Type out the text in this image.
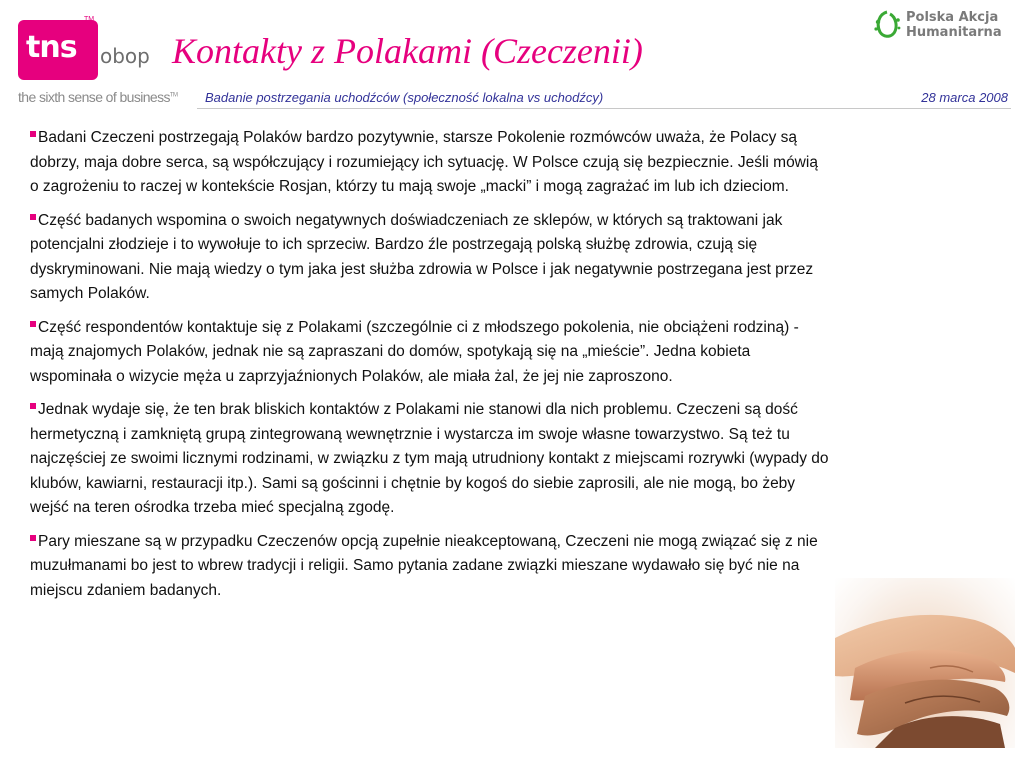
tns
TM
obop
the sixth sense of business™
Kontakty z Polakami (Czeczenii)
Polska Akcja
Humanitarna
Badanie postrzegania uchodźców (społeczność lokalna vs uchodźcy)	28 marca 2008

Badani Czeczeni postrzegają Polaków bardzo pozytywnie, starsze Pokolenie rozmówców uważa, że Polacy są dobrzy, maja dobre serca, są współczujący i rozumiejący ich sytuację. W Polsce czują się bezpiecznie. Jeśli mówią o zagrożeniu to raczej w kontekście Rosjan, którzy tu mają swoje „macki” i mogą zagrażać im lub ich dzieciom.

Część badanych wspomina o swoich negatywnych doświadczeniach ze sklepów, w których są traktowani jak potencjalni złodzieje i to wywołuje to ich sprzeciw. Bardzo źle postrzegają polską służbę zdrowia, czują się dyskryminowani. Nie mają wiedzy o tym jaka jest służba zdrowia w Polsce i jak negatywnie postrzegana jest przez samych Polaków.

Część respondentów kontaktuje się z Polakami (szczególnie ci z młodszego pokolenia, nie obciążeni rodziną) - mają znajomych Polaków, jednak nie są zapraszani do domów, spotykają się na „mieście”. Jedna kobieta wspominała o wizycie męża u zaprzyjaźnionych Polaków, ale miała żal, że jej nie zaproszono.

Jednak wydaje się, że ten brak bliskich kontaktów z Polakami nie stanowi dla nich problemu. Czeczeni są dość hermetyczną i zamkniętą grupą zintegrowaną wewnętrznie i wystarcza im swoje własne towarzystwo. Są też tu najczęściej ze swoimi licznymi rodzinami, w związku z tym mają utrudniony kontakt z miejscami rozrywki (wypady do klubów, kawiarni, restauracji itp.). Sami są gościnni i chętnie by kogoś do siebie zaprosili, ale nie mogą, bo żeby wejść na teren ośrodka trzeba mieć specjalną zgodę.

Pary mieszane są w przypadku Czeczenów opcją zupełnie nieakceptowaną, Czeczeni nie mogą związać się z nie muzułmanami bo jest to wbrew tradycji i religii. Samo pytania zadane związki mieszane wydawało się być nie na miejscu zdaniem badanych.
